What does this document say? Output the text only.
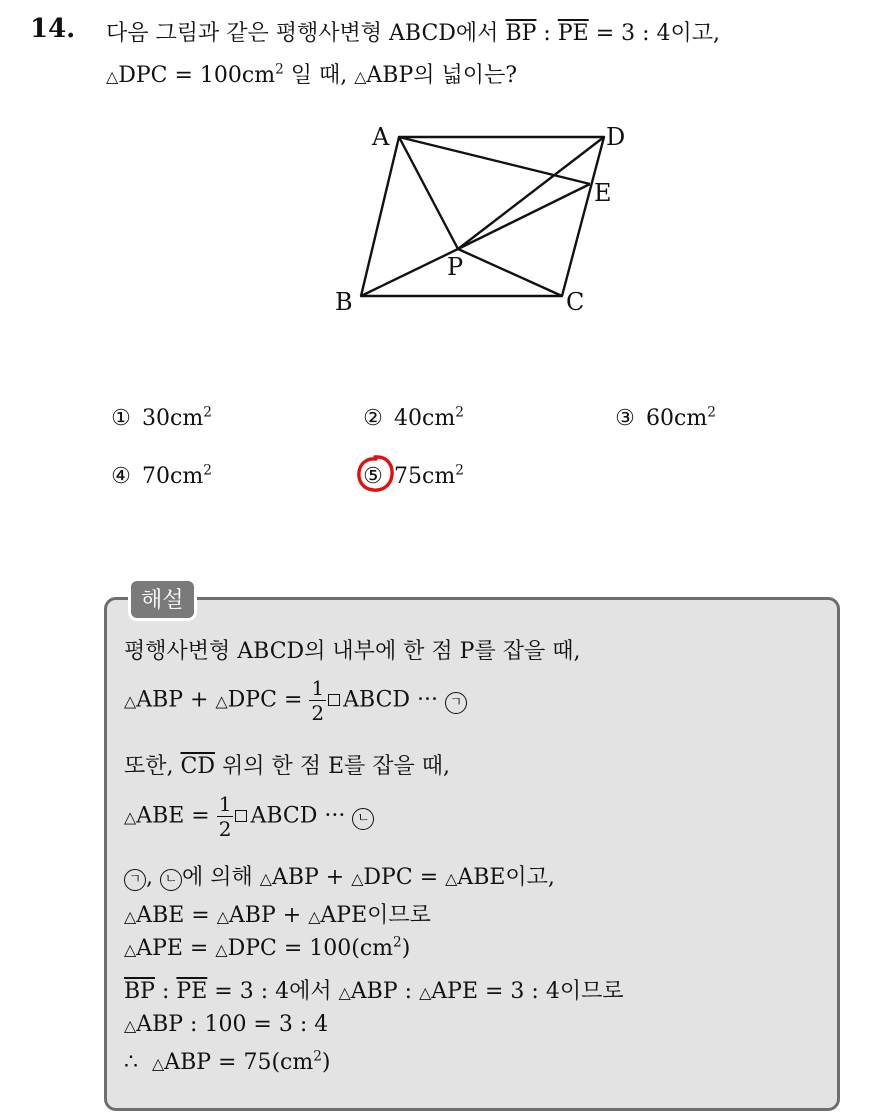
14. 다음 그림과 같은 평행사변형 ABCD에서 $\overline{BP}$ : $\overline{PE} = 3$ : 4이고,
△DPC = $100cm^2$ 일 때, △ABP의 넓이는?
A	D
E
P
B	C
① $30cm^2$	② $40cm^2$	③ $60cm^2$
④ $70cm^2$	⑤ $75cm^2$
해설
평행사변형 ABCD의 내부에 한 점 P를 잡을 때,
△ABP + △DPC = $\frac{1}{2}$ ABCD ··· ㄱ
또한, $\overline{CD}$ 위의 한 점 E를 잡을 때,
△ABE = $\frac{1}{2}$ ABCD ··· ㄴ
ㄱ , ㄴ 에 의해 △ABP + △DPC = △ABE이고,
△ABE = △ABP + △APE이므로
△APE = △DPC = $100(cm^2)$
$\overline{BP}$ : $\overline{PE} = 3$ : 4에서 △ABP : △APE = 3 : 4이므로
△ABP : 100 = 3 : 4
∴ △ABP = $75(cm^2)$
